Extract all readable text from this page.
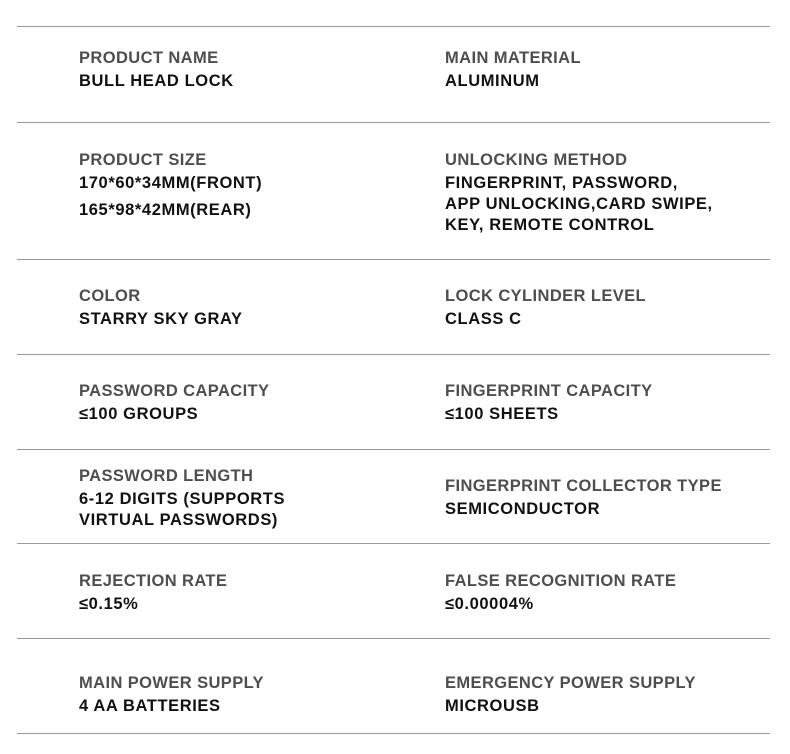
PRODUCT NAME
BULL HEAD LOCK
MAIN MATERIAL
ALUMINUM
PRODUCT SIZE
170*60*34MM(FRONT)
165*98*42MM(REAR)
UNLOCKING METHOD
FINGERPRINT, PASSWORD,
APP UNLOCKING,CARD SWIPE,
KEY, REMOTE CONTROL
COLOR
STARRY SKY GRAY
LOCK CYLINDER LEVEL
CLASS C
PASSWORD CAPACITY
≤100 GROUPS
FINGERPRINT CAPACITY
≤100 SHEETS
PASSWORD LENGTH
6-12 DIGITS (SUPPORTS
VIRTUAL PASSWORDS)
FINGERPRINT COLLECTOR TYPE
SEMICONDUCTOR
REJECTION RATE
≤0.15%
FALSE RECOGNITION RATE
≤0.00004%
MAIN POWER SUPPLY
4 AA BATTERIES
EMERGENCY POWER SUPPLY
MICROUSB
